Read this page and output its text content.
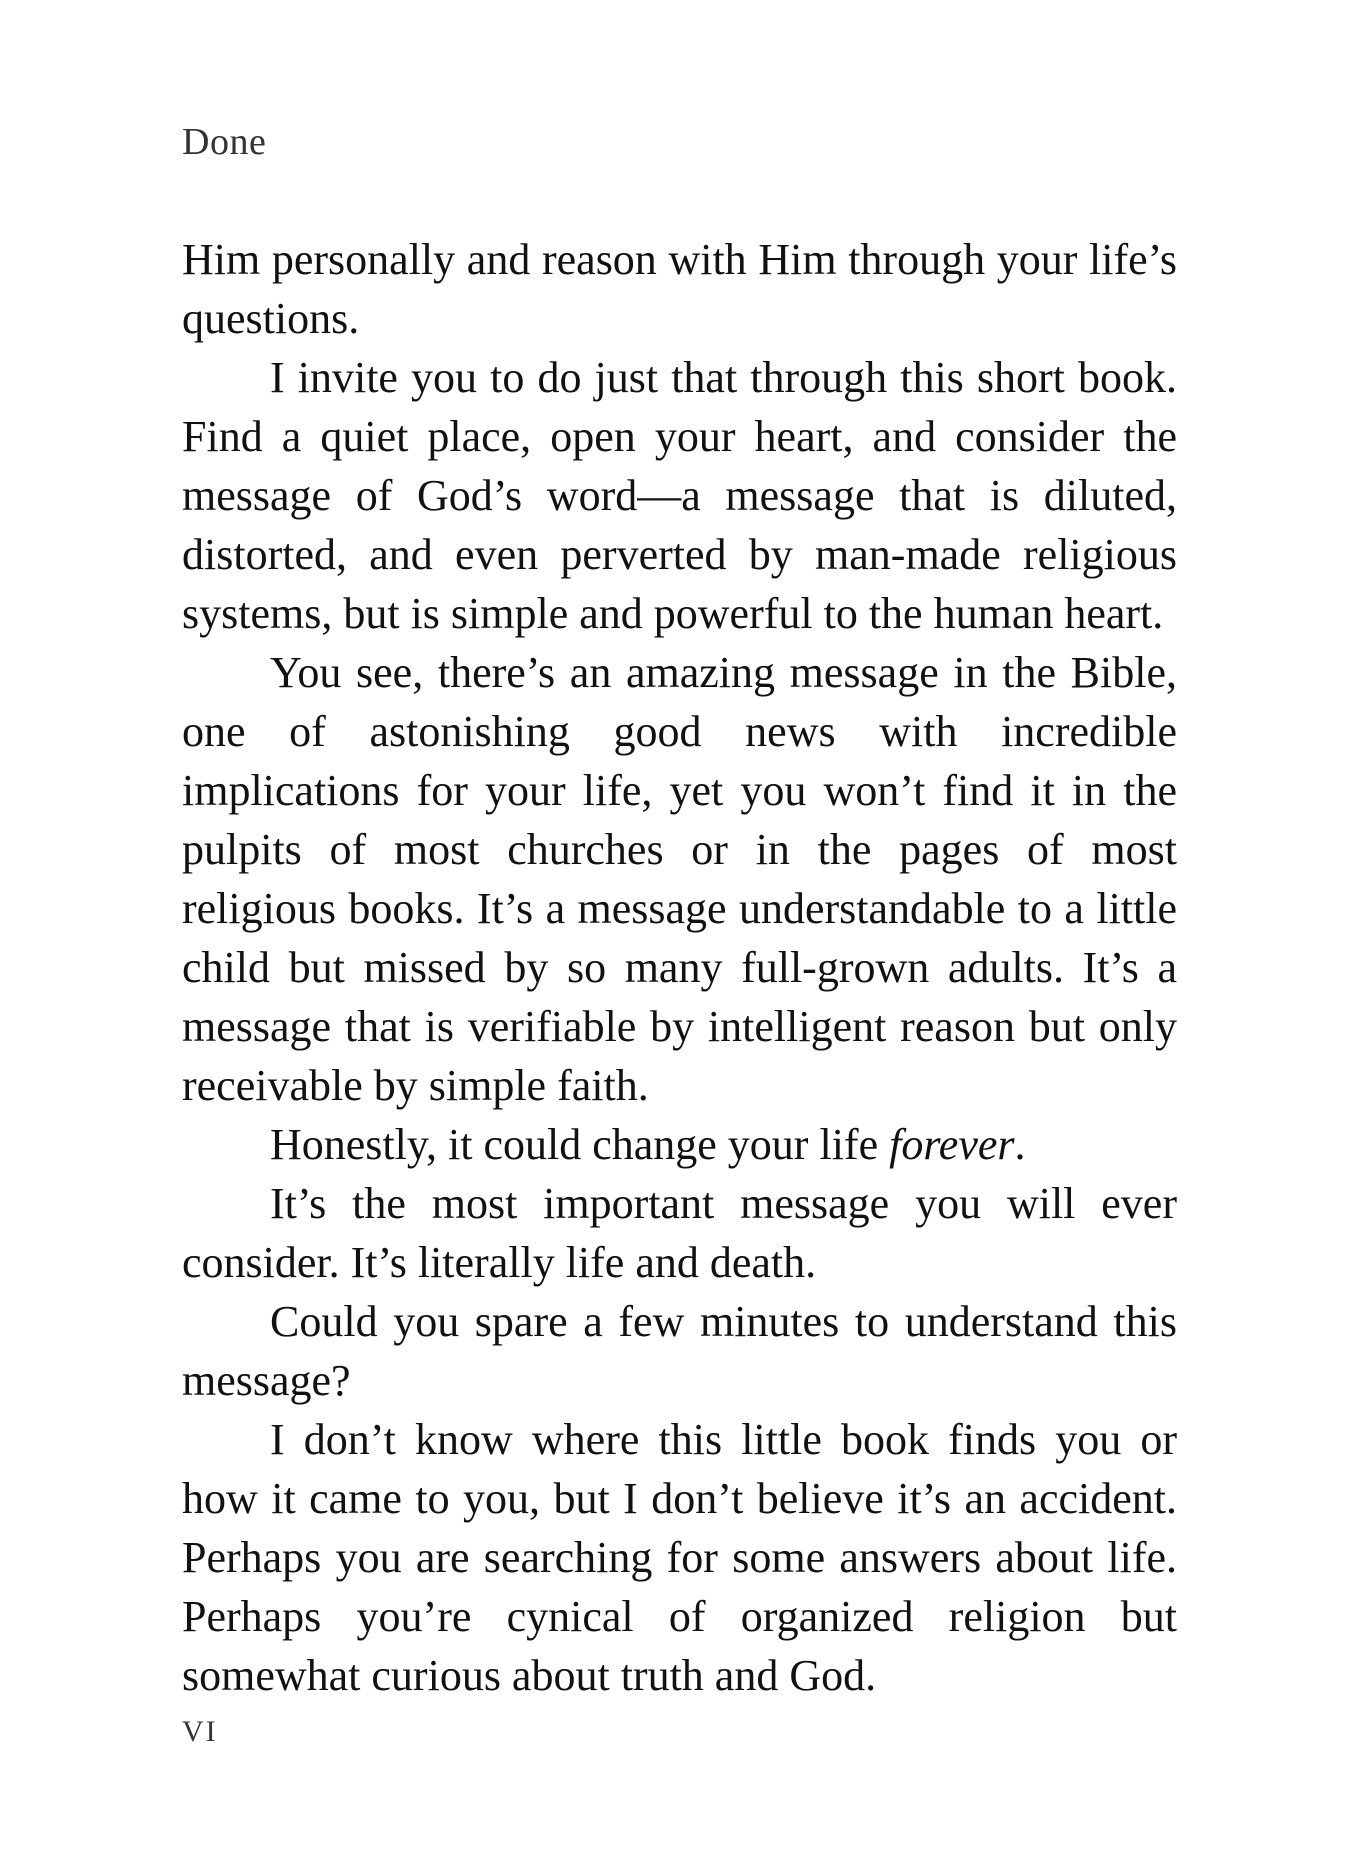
Done

Him personally and reason with Him through your life’s questions.

I invite you to do just that through this short book. Find a quiet place, open your heart, and consider the message of God’s word—a message that is diluted, distorted, and even perverted by man-made religious systems, but is simple and powerful to the human heart.

You see, there’s an amazing message in the Bible, one of astonishing good news with incredible implications for your life, yet you won’t find it in the pulpits of most churches or in the pages of most religious books. It’s a message understandable to a little child but missed by so many full-grown adults. It’s a message that is verifiable by intelligent reason but only receivable by simple faith.

Honestly, it could change your life forever.

It’s the most important message you will ever consider. It’s literally life and death.

Could you spare a few minutes to understand this message?

I don’t know where this little book finds you or how it came to you, but I don’t believe it’s an accident. Perhaps you are searching for some answers about life. Perhaps you’re cynical of organized religion but somewhat curious about truth and God.

VI
